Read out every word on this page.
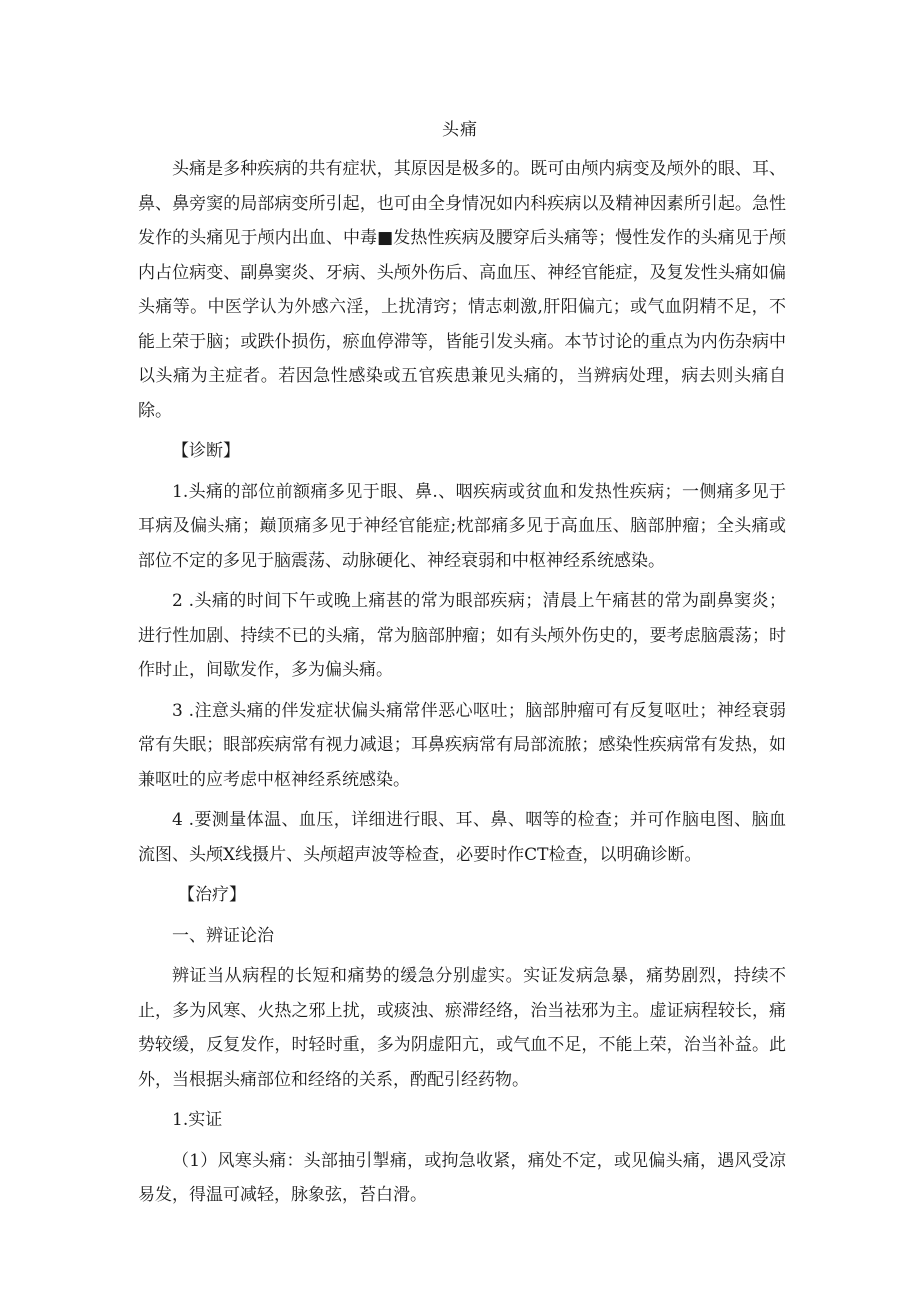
头痛

头痛是多种疾病的共有症状，其原因是极多的。既可由颅内病变及颅外的眼、耳、鼻、鼻旁窦的局部病变所引起，也可由全身情况如内科疾病以及精神因素所引起。急性发作的头痛见于颅内出血、中毒■发热性疾病及腰穿后头痛等；慢性发作的头痛见于颅内占位病变、副鼻窦炎、牙病、头颅外伤后、高血压、神经官能症，及复发性头痛如偏头痛等。中医学认为外感六淫，上扰清窍；情志刺激,肝阳偏亢；或气血阴精不足，不能上荣于脑；或跌仆损伤，瘀血停滞等，皆能引发头痛。本节讨论的重点为内伤杂病中以头痛为主症者。若因急性感染或五官疾患兼见头痛的，当辨病处理，病去则头痛自除。

【诊断】

1.头痛的部位前额痛多见于眼、鼻.、咽疾病或贫血和发热性疾病；一侧痛多见于耳病及偏头痛；巅顶痛多见于神经官能症;枕部痛多见于高血压、脑部肿瘤；全头痛或部位不定的多见于脑震荡、动脉硬化、神经衰弱和中枢神经系统感染。

2 .头痛的时间下午或晚上痛甚的常为眼部疾病；清晨上午痛甚的常为副鼻窦炎；进行性加剧、持续不已的头痛，常为脑部肿瘤；如有头颅外伤史的，要考虑脑震荡；时作时止，间歇发作，多为偏头痛。

3 .注意头痛的伴发症状偏头痛常伴恶心呕吐；脑部肿瘤可有反复呕吐；神经衰弱常有失眠；眼部疾病常有视力减退；耳鼻疾病常有局部流脓；感染性疾病常有发热，如兼呕吐的应考虑中枢神经系统感染。

4 .要测量体温、血压，详细进行眼、耳、鼻、咽等的检查；并可作脑电图、脑血流图、头颅X线摄片、头颅超声波等检查，必要时作CT检查，以明确诊断。

【治疗】

一、辨证论治

辨证当从病程的长短和痛势的缓急分别虚实。实证发病急暴，痛势剧烈，持续不止，多为风寒、火热之邪上扰，或痰浊、瘀滞经络，治当祛邪为主。虚证病程较长，痛势较缓，反复发作，时轻时重，多为阴虚阳亢，或气血不足，不能上荣，治当补益。此外，当根据头痛部位和经络的关系，酌配引经药物。

1.实证

（1）风寒头痛：头部抽引掣痛，或拘急收紧，痛处不定，或见偏头痛，遇风受凉易发，得温可减轻，脉象弦，苔白滑。
